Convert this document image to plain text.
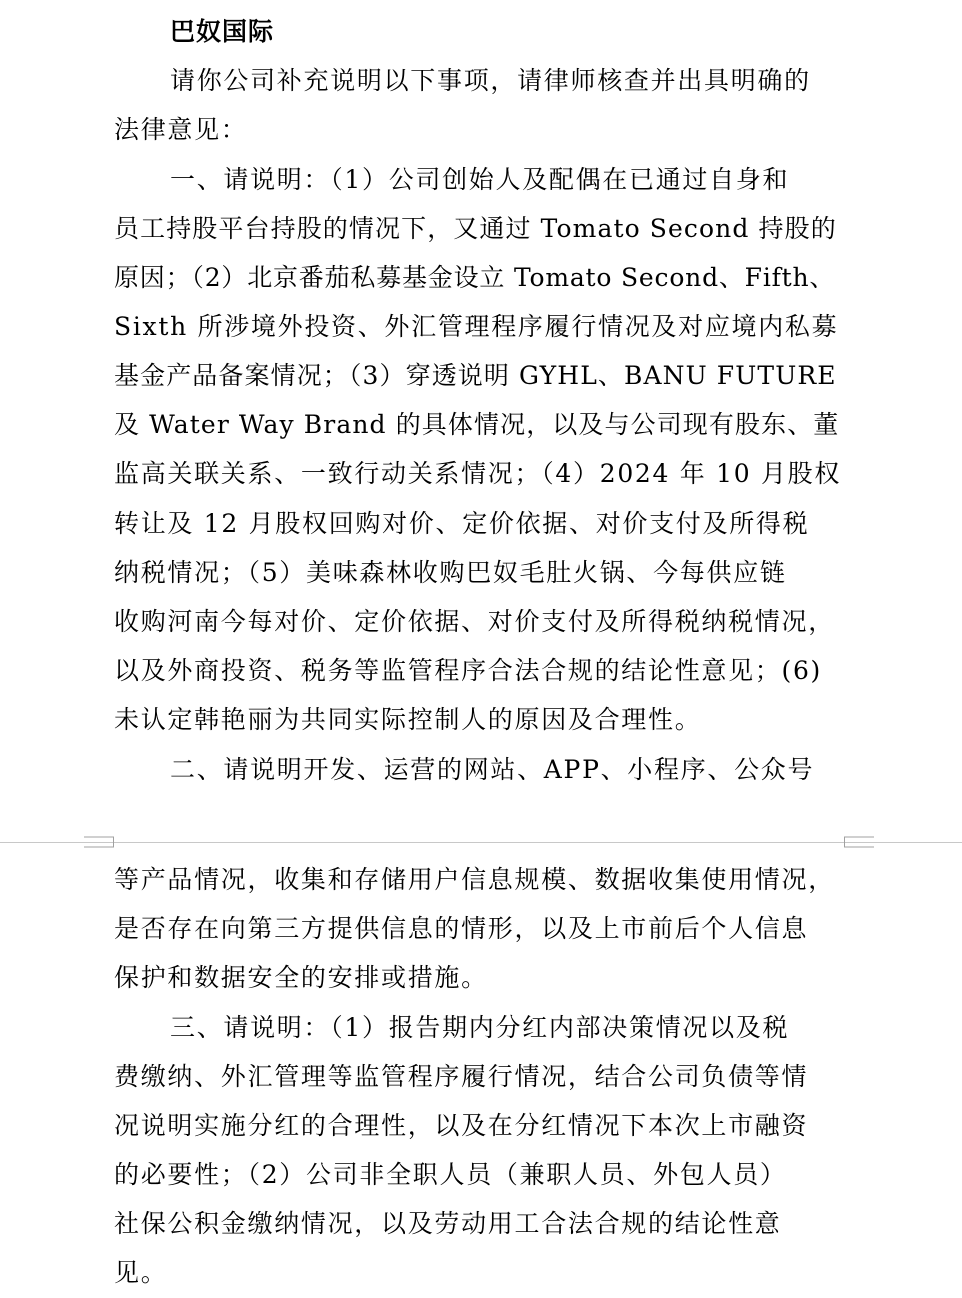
巴奴国际
请你公司补充说明以下事项，请律师核查并出具明确的
法律意见：
一、请说明：（1）公司创始人及配偶在已通过自身和
员工持股平台持股的情况下，又通过 Tomato Second 持股的
原因；（2）北京番茄私募基金设立 Tomato Second、Fifth、
Sixth 所涉境外投资、外汇管理程序履行情况及对应境内私募
基金产品备案情况；（3）穿透说明 GYHL、BANU FUTURE
及 Water Way Brand 的具体情况，以及与公司现有股东、董
监高关联关系、一致行动关系情况；（4）2024 年 10 月股权
转让及 12 月股权回购对价、定价依据、对价支付及所得税
纳税情况；（5）美味森林收购巴奴毛肚火锅、今每供应链
收购河南今每对价、定价依据、对价支付及所得税纳税情况，
以及外商投资、税务等监管程序合法合规的结论性意见；(6)
未认定韩艳丽为共同实际控制人的原因及合理性。
二、请说明开发、运营的网站、APP、小程序、公众号
等产品情况，收集和存储用户信息规模、数据收集使用情况，
是否存在向第三方提供信息的情形，以及上市前后个人信息
保护和数据安全的安排或措施。
三、请说明：（1）报告期内分红内部决策情况以及税
费缴纳、外汇管理等监管程序履行情况，结合公司负债等情
况说明实施分红的合理性，以及在分红情况下本次上市融资
的必要性；（2）公司非全职人员（兼职人员、外包人员）
社保公积金缴纳情况，以及劳动用工合法合规的结论性意
见。
